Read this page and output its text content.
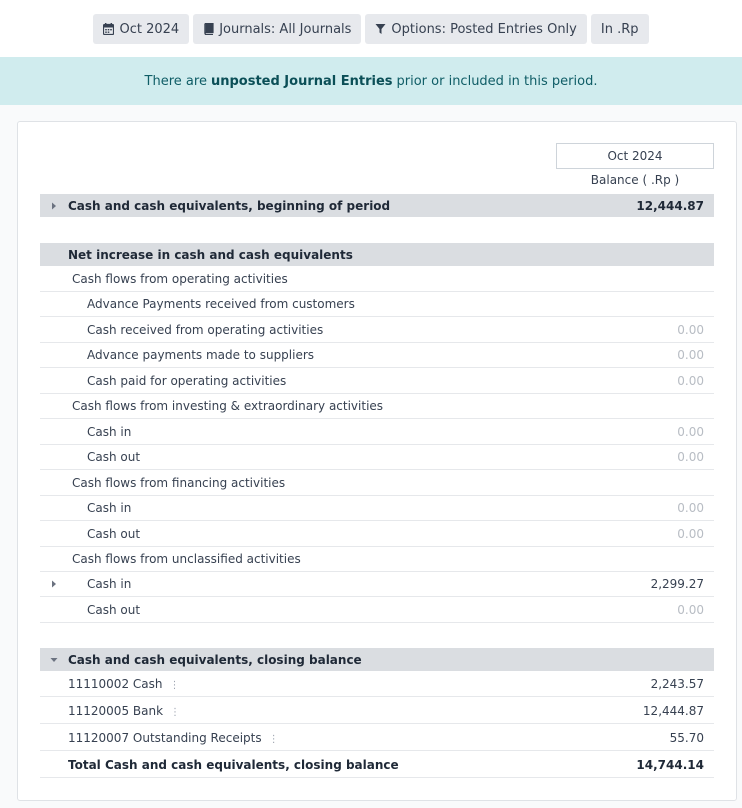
Oct 2024	Journals: All Journals	Options: Posted Entries Only In .Rp
There are unposted Journal Entries prior or included in this period.
Oct 2024
Balance ( .Rp )
Cash and cash equivalents, beginning of period	12,444.87
Net increase in cash and cash equivalents
Cash flows from operating activities
Advance Payments received from customers
Cash received from operating activities	0.00
Advance payments made to suppliers	0.00
Cash paid for operating activities	0.00
Cash flows from investing & extraordinary activities
Cash in	0.00
Cash out	0.00
Cash flows from financing activities
Cash in	0.00
Cash out	0.00
Cash flows from unclassified activities
Cash in	2,299.27
Cash out	0.00
Cash and cash equivalents, closing balance
11110002 Cash ⋮	2,243.57
11120005 Bank ⋮	12,444.87
11120007 Outstanding Receipts ⋮	55.70
Total Cash and cash equivalents, closing balance	14,744.14
